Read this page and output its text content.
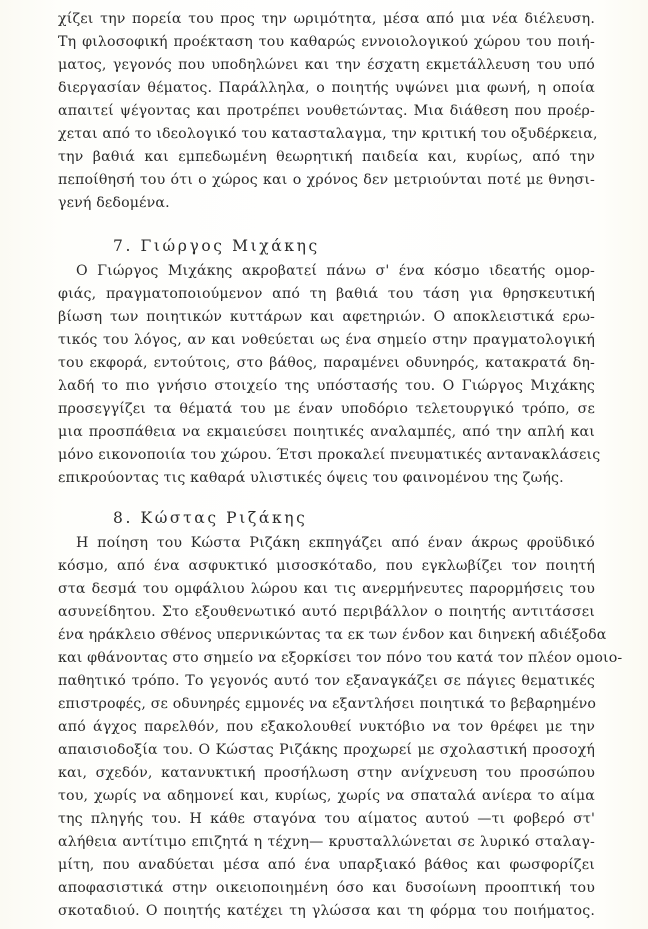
χίζει την πορεία του προς την ωριμότητα, μέσα από μια νέα διέλευση.
Τη φιλοσοφική προέκταση του καθαρώς εννοιολογικού χώρου του ποιή-
ματος, γεγονός που υποδηλώνει και την έσχατη εκμετάλλευση του υπό
διεργασίαν θέματος. Παράλληλα, ο ποιητής υψώνει μια φωνή, η οποία
απαιτεί ψέγοντας και προτρέπει νουθετώντας. Μια διάθεση που προέρ-
χεται από το ιδεολογικό του κατασταλαγμα, την κριτική του οξυδέρκεια,
την βαθιά και εμπεδωμένη θεωρητική παιδεία και, κυρίως, από την
πεποίθησή του ότι ο χώρος και ο χρόνος δεν μετριούνται ποτέ με θνησι-
γενή δεδομένα.
7. Γιώργος Μιχάκης
Ο Γιώργος Μιχάκης ακροβατεί πάνω σ' ένα κόσμο ιδεατής ομορ-
φιάς, πραγματοποιούμενον από τη βαθιά του τάση για θρησκευτική
βίωση των ποιητικών κυττάρων και αφετηριών. Ο αποκλειστικά ερω-
τικός του λόγος, αν και νοθεύεται ως ένα σημείο στην πραγματολογική
του εκφορά, εντούτοις, στο βάθος, παραμένει οδυνηρός, κατακρατά δη-
λαδή το πιο γνήσιο στοιχείο της υπόστασής του. Ο Γιώργος Μιχάκης
προσεγγίζει τα θέματά του με έναν υποδόριο τελετουργικό τρόπο, σε
μια προσπάθεια να εκμαιεύσει ποιητικές αναλαμπές, από την απλή και
μόνο εικονοποιία του χώρου. Έτσι προκαλεί πνευματικές αντανακλάσεις
επικρούοντας τις καθαρά υλιστικές όψεις του φαινομένου της ζωής.
8. Κώστας Ριζάκης
Η ποίηση του Κώστα Ριζάκη εκπηγάζει από έναν άκρως φροϋδικό
κόσμο, από ένα ασφυκτικό μισοσκόταδο, που εγκλωβίζει τον ποιητή
στα δεσμά του ομφάλιου λώρου και τις ανερμήνευτες παρορμήσεις του
ασυνείδητου. Στο εξουθενωτικό αυτό περιβάλλον ο ποιητής αντιτάσσει
ένα ηράκλειο σθένος υπερνικώντας τα εκ των ένδον και διηνεκή αδιέξοδα
και φθάνοντας στο σημείο να εξορκίσει τον πόνο του κατά τον πλέον ομοιο-
παθητικό τρόπο. Το γεγονός αυτό τον εξαναγκάζει σε πάγιες θεματικές
επιστροφές, σε οδυνηρές εμμονές να εξαντλήσει ποιητικά το βεβαρημένο
από άγχος παρελθόν, που εξακολουθεί νυκτόβιο να τον θρέφει με την
απαισιοδοξία του. Ο Κώστας Ριζάκης προχωρεί με σχολαστική προσοχή
και, σχεδόν, κατανυκτική προσήλωση στην ανίχνευση του προσώπου
του, χωρίς να αδημονεί και, κυρίως, χωρίς να σπαταλά ανίερα το αίμα
της πληγής του. Η κάθε σταγόνα του αίματος αυτού —τι φοβερό στ'
αλήθεια αντίτιμο επιζητά η τέχνη— κρυσταλλώνεται σε λυρικό σταλαγ-
μίτη, που αναδύεται μέσα από ένα υπαρξιακό βάθος και φωσφορίζει
αποφασιστικά στην οικειοποιημένη όσο και δυσοίωνη προοπτική του
σκοταδιού. Ο ποιητής κατέχει τη γλώσσα και τη φόρμα του ποιήματος.
